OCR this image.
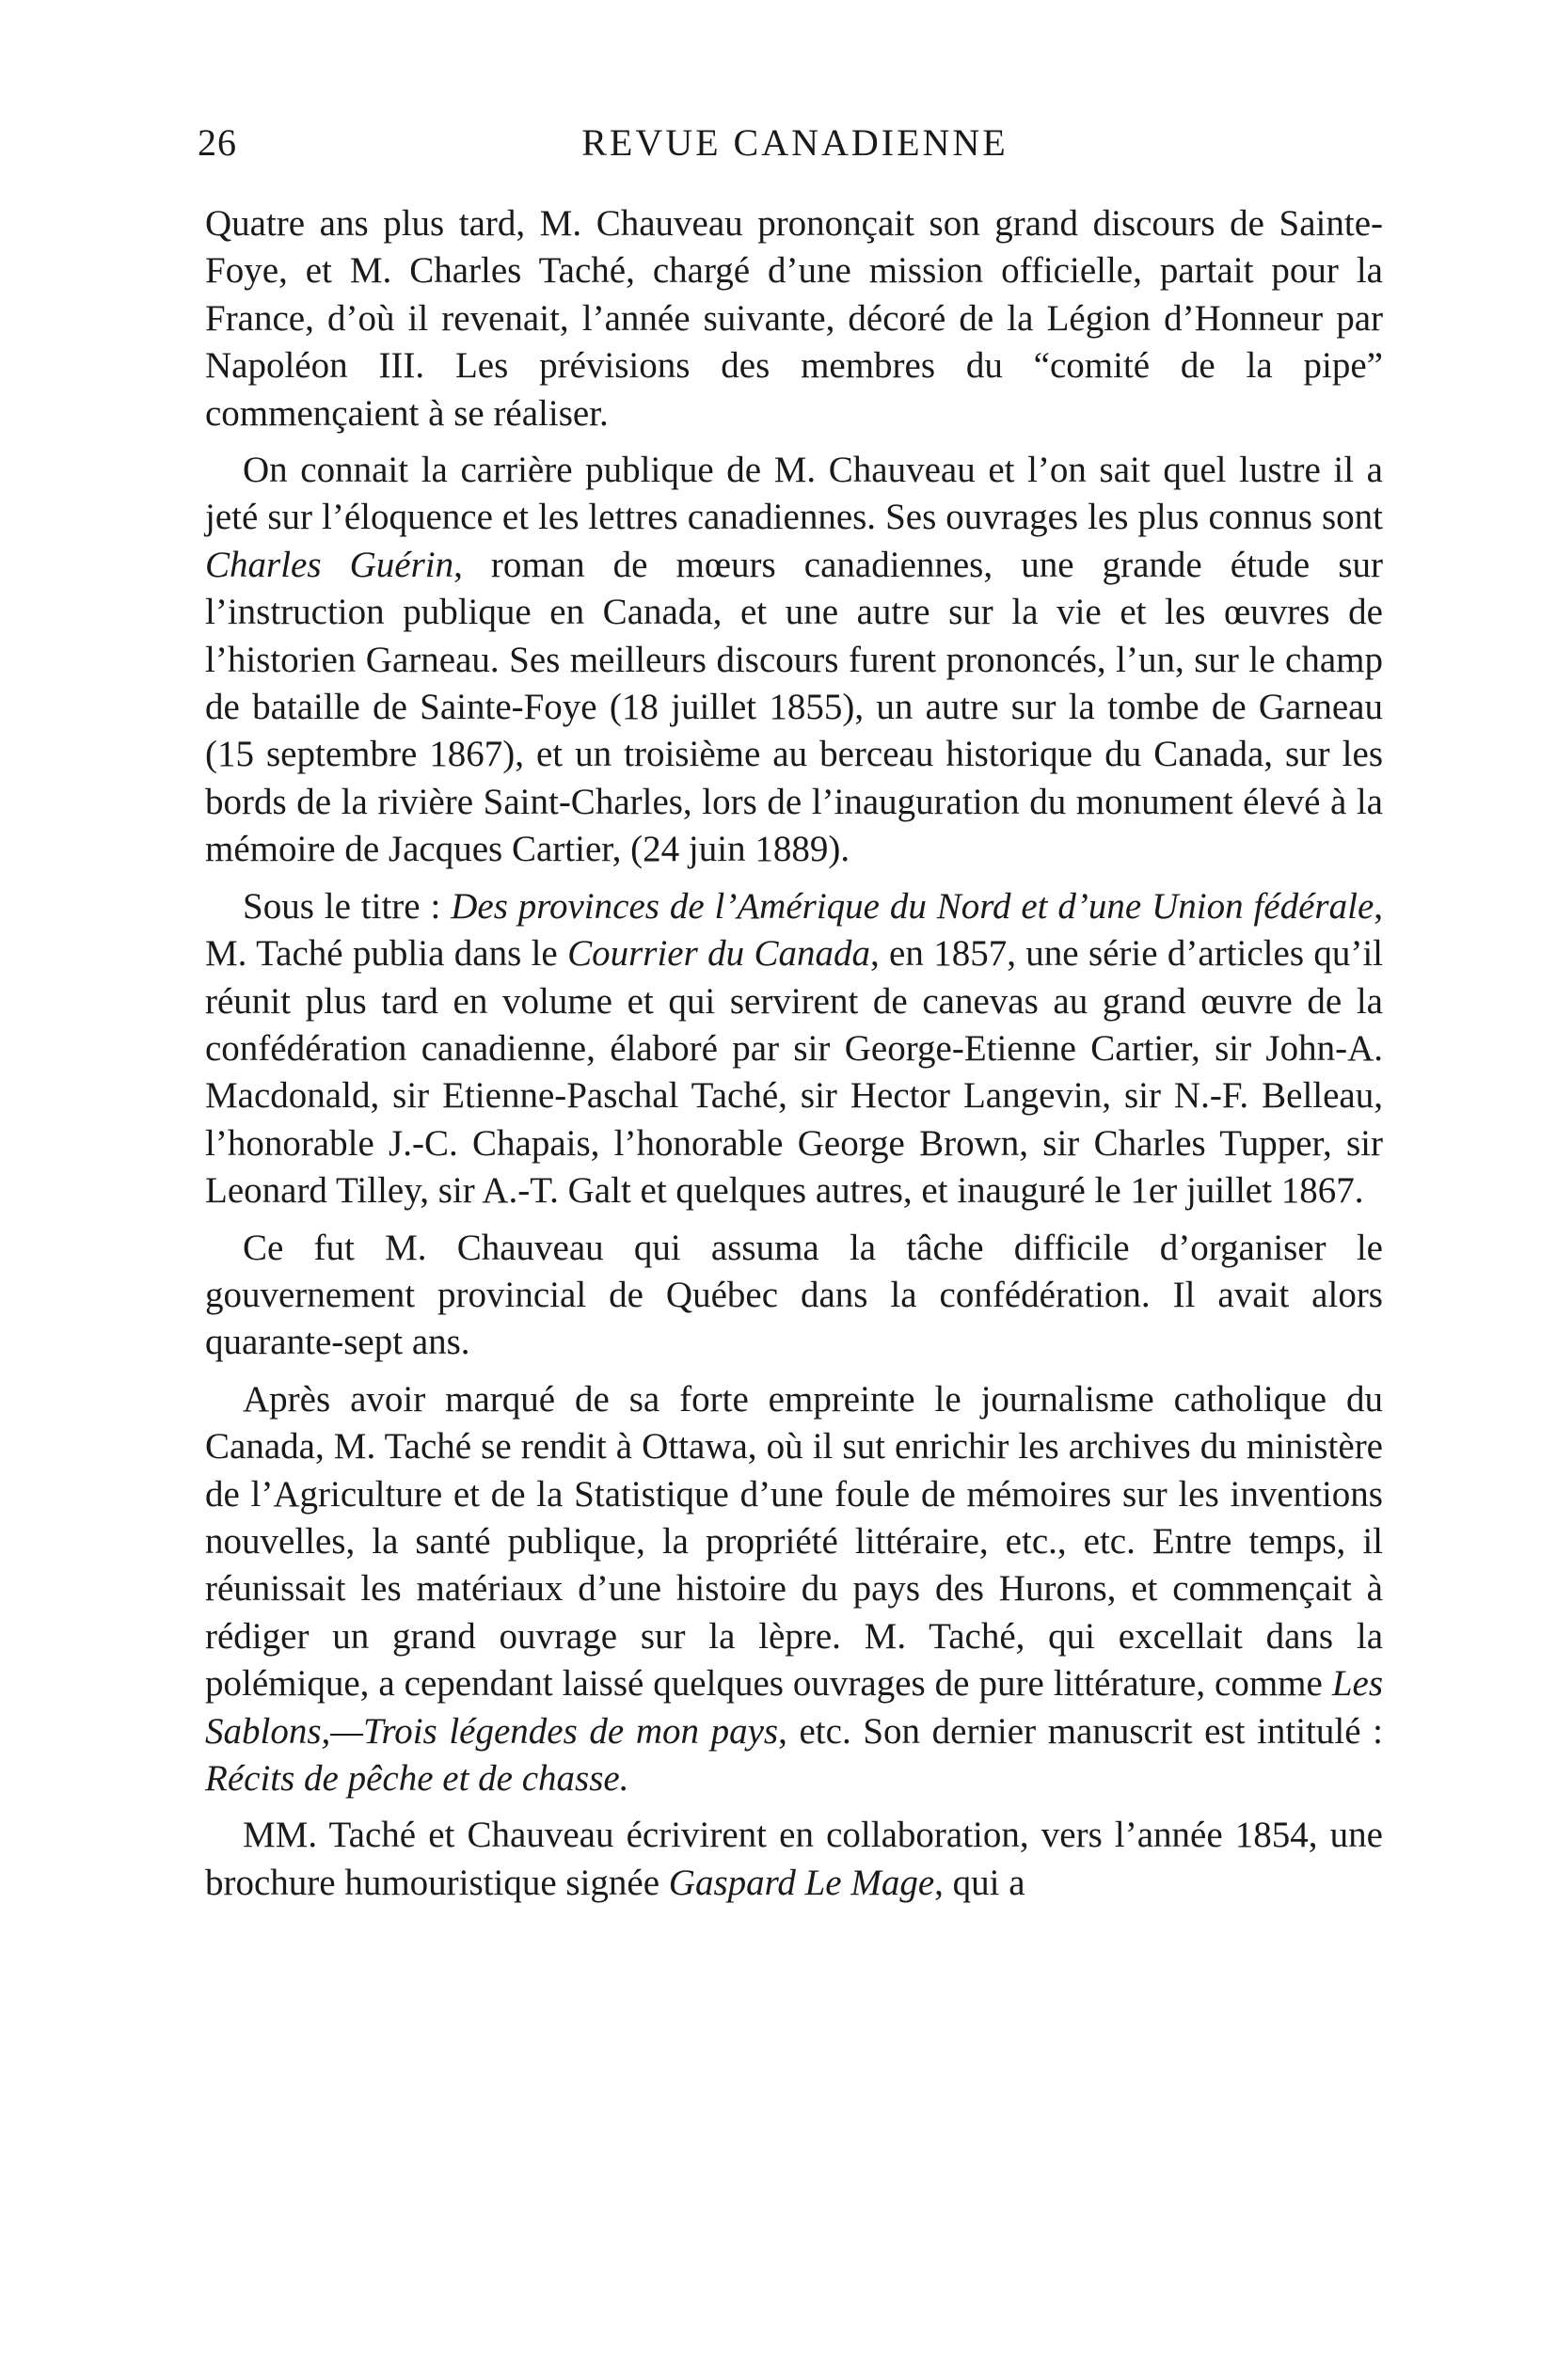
26	REVUE CANADIENNE

Quatre ans plus tard, M. Chauveau prononçait son grand discours de Sainte-Foye, et M. Charles Taché, chargé d’une mission officielle, partait pour la France, d’où il revenait, l’année suivante, décoré de la Légion d’Honneur par Napoléon III. Les prévisions des membres du “comité de la pipe” commençaient à se réaliser.

On connait la carrière publique de M. Chauveau et l’on sait quel lustre il a jeté sur l’éloquence et les lettres canadiennes. Ses ouvrages les plus connus sont Charles Guérin, roman de mœurs canadiennes, une grande étude sur l’instruction publique en Canada, et une autre sur la vie et les œuvres de l’historien Garneau. Ses meilleurs discours furent prononcés, l’un, sur le champ de bataille de Sainte-Foye (18 juillet 1855), un autre sur la tombe de Garneau (15 septembre 1867), et un troisième au berceau historique du Canada, sur les bords de la rivière Saint-Charles, lors de l’inauguration du monument élevé à la mémoire de Jacques Cartier, (24 juin 1889).

Sous le titre : Des provinces de l’Amérique du Nord et d’une Union fédérale, M. Taché publia dans le Courrier du Canada, en 1857, une série d’articles qu’il réunit plus tard en volume et qui servirent de canevas au grand œuvre de la confédération canadienne, élaboré par sir George-Etienne Cartier, sir John-A. Macdonald, sir Etienne-Paschal Taché, sir Hector Langevin, sir N.-F. Belleau, l’honorable J.-C. Chapais, l’honorable George Brown, sir Charles Tupper, sir Leonard Tilley, sir A.-T. Galt et quelques autres, et inauguré le 1er juillet 1867.

Ce fut M. Chauveau qui assuma la tâche difficile d’organiser le gouvernement provincial de Québec dans la confédération. Il avait alors quarante-sept ans.

Après avoir marqué de sa forte empreinte le journalisme catholique du Canada, M. Taché se rendit à Ottawa, où il sut enrichir les archives du ministère de l’Agriculture et de la Statistique d’une foule de mémoires sur les inventions nouvelles, la santé publique, la propriété littéraire, etc., etc. Entre temps, il réunissait les matériaux d’une histoire du pays des Hurons, et commençait à rédiger un grand ouvrage sur la lèpre. M. Taché, qui excellait dans la polémique, a cependant laissé quelques ouvrages de pure littérature, comme Les Sablons,—Trois légendes de mon pays, etc. Son dernier manuscrit est intitulé : Récits de pêche et de chasse.

MM. Taché et Chauveau écrivirent en collaboration, vers l’année 1854, une brochure humouristique signée Gaspard Le Mage, qui a
